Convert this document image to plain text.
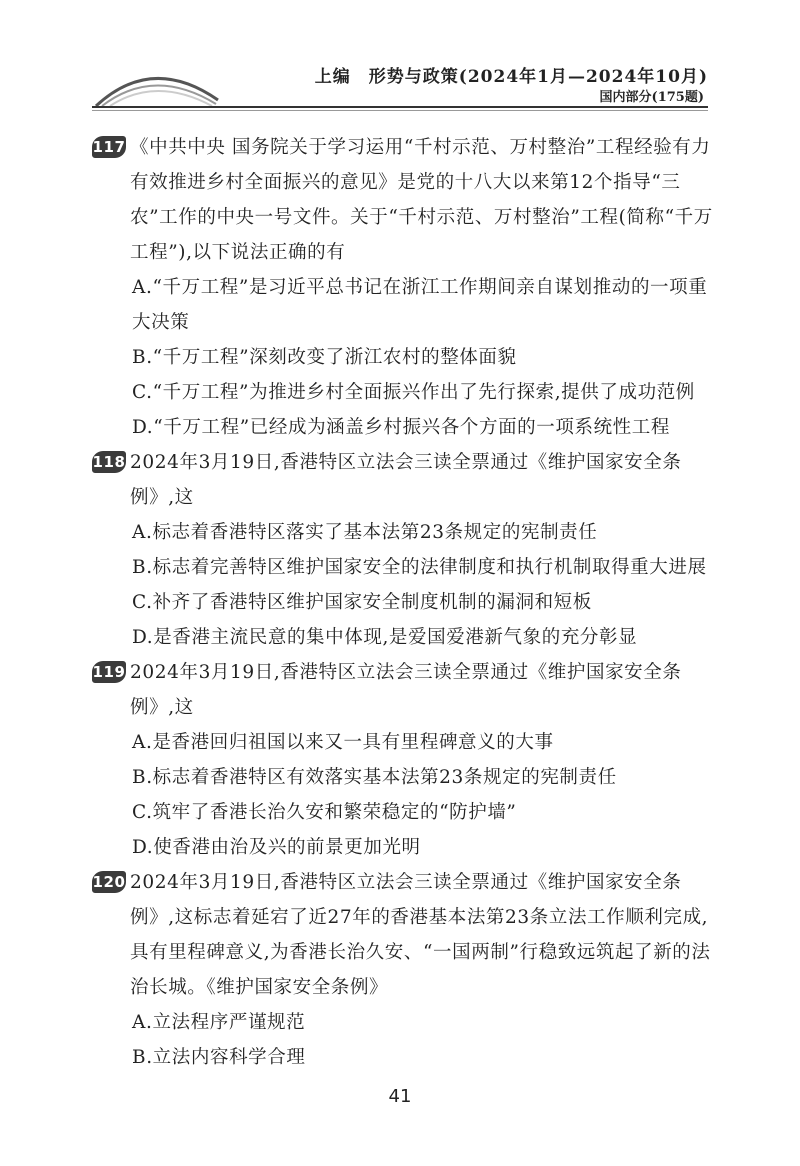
上编　形势与政策(2024年1月—2024年10月)
国内部分(175题)
117 《中共中央 国务院关于学习运用“千村示范、万村整治”工程经验有力有效推进乡村全面振兴的意见》是党的十八大以来第12个指导“三农”工作的中央一号文件。关于“千村示范、万村整治”工程(简称“千万工程”),以下说法正确的有
A.“千万工程”是习近平总书记在浙江工作期间亲自谋划推动的一项重大决策
B.“千万工程”深刻改变了浙江农村的整体面貌
C.“千万工程”为推进乡村全面振兴作出了先行探索,提供了成功范例
D.“千万工程”已经成为涵盖乡村振兴各个方面的一项系统性工程
118 2024年3月19日,香港特区立法会三读全票通过《维护国家安全条例》,这
A.标志着香港特区落实了基本法第23条规定的宪制责任
B.标志着完善特区维护国家安全的法律制度和执行机制取得重大进展
C.补齐了香港特区维护国家安全制度机制的漏洞和短板
D.是香港主流民意的集中体现,是爱国爱港新气象的充分彰显
119 2024年3月19日,香港特区立法会三读全票通过《维护国家安全条例》,这
A.是香港回归祖国以来又一具有里程碑意义的大事
B.标志着香港特区有效落实基本法第23条规定的宪制责任
C.筑牢了香港长治久安和繁荣稳定的“防护墙”
D.使香港由治及兴的前景更加光明
120 2024年3月19日,香港特区立法会三读全票通过《维护国家安全条例》,这标志着延宕了近27年的香港基本法第23条立法工作顺利完成,具有里程碑意义,为香港长治久安、“一国两制”行稳致远筑起了新的法治长城。《维护国家安全条例》
A.立法程序严谨规范
B.立法内容科学合理
41
